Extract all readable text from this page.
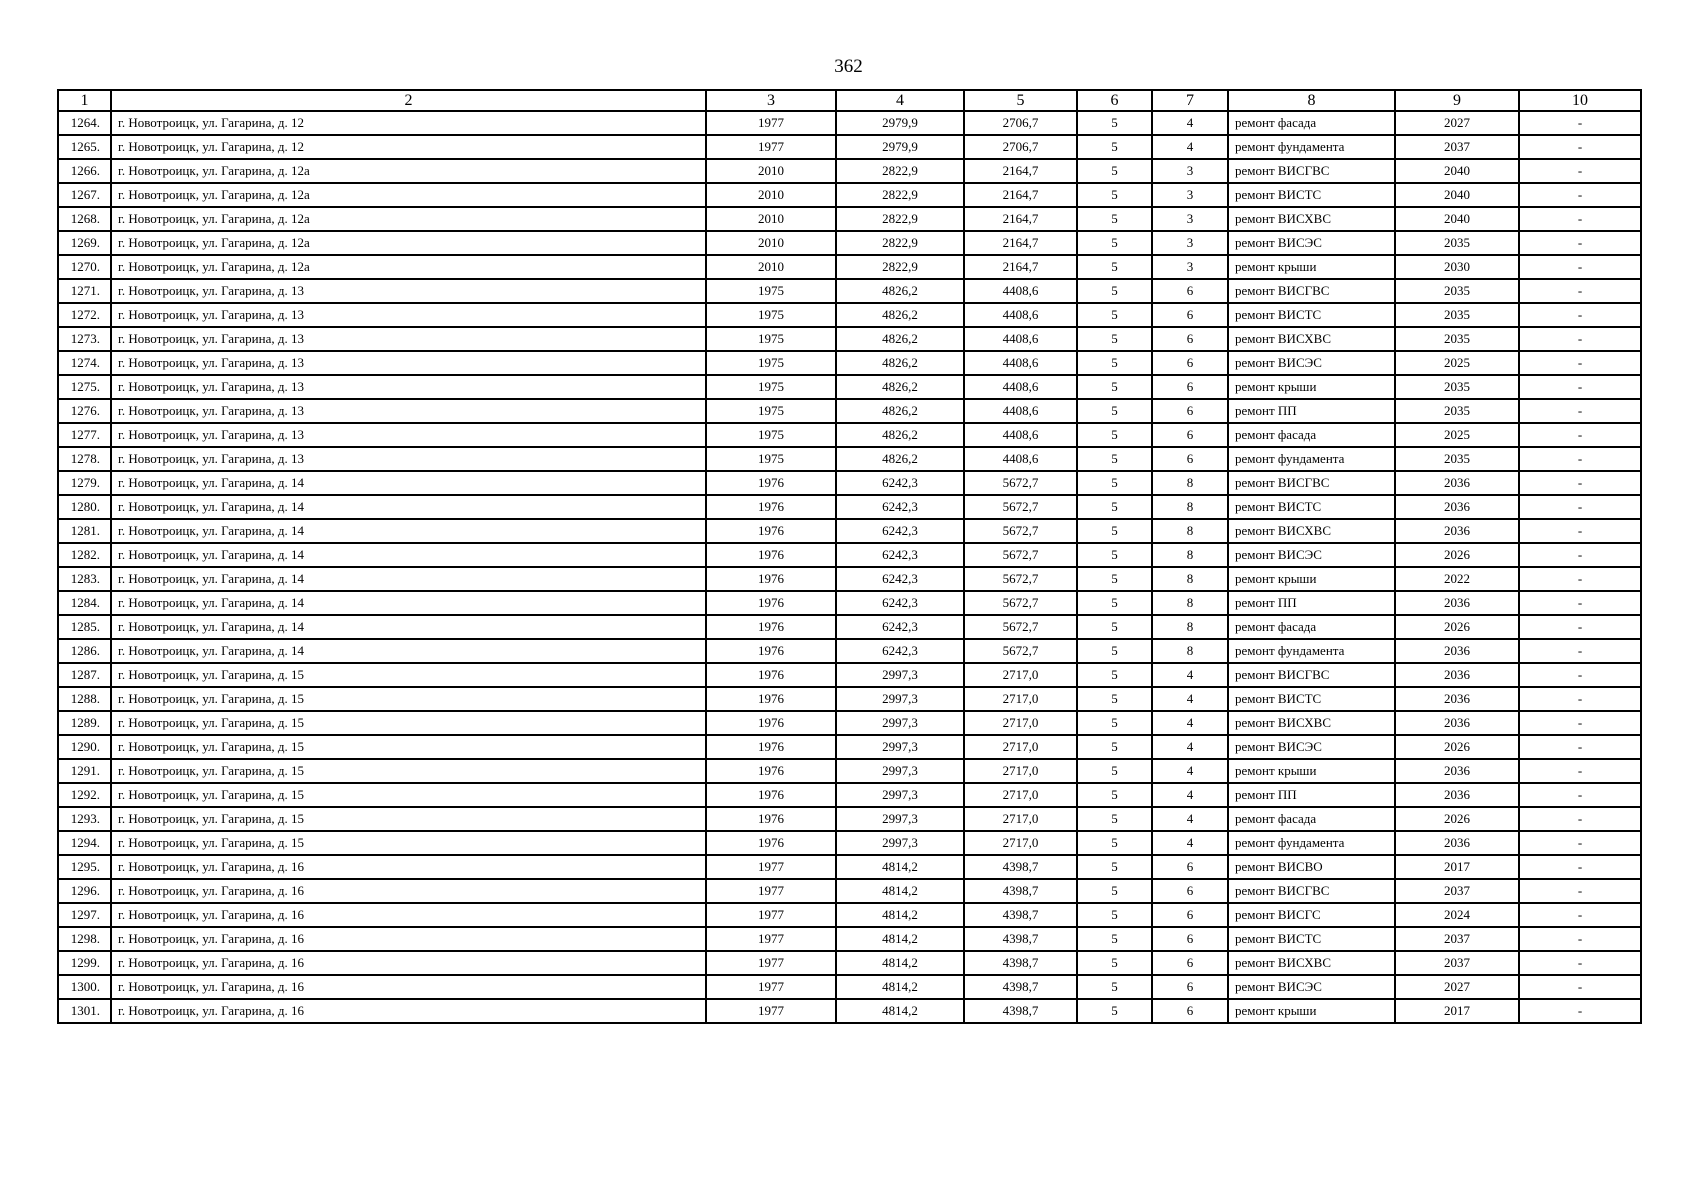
362
1	2	3	4	5	6	7	8	9	10
1264.	г. Новотроицк, ул. Гагарина, д. 12	1977	2979,9	2706,7	5	4	ремонт фасада	2027	-
1265.	г. Новотроицк, ул. Гагарина, д. 12	1977	2979,9	2706,7	5	4	ремонт фундамента	2037	-
1266.	г. Новотроицк, ул. Гагарина, д. 12а	2010	2822,9	2164,7	5	3	ремонт ВИСГВС	2040	-
1267.	г. Новотроицк, ул. Гагарина, д. 12а	2010	2822,9	2164,7	5	3	ремонт ВИСТС	2040	-
1268.	г. Новотроицк, ул. Гагарина, д. 12а	2010	2822,9	2164,7	5	3	ремонт ВИСХВС	2040	-
1269.	г. Новотроицк, ул. Гагарина, д. 12а	2010	2822,9	2164,7	5	3	ремонт ВИСЭС	2035	-
1270.	г. Новотроицк, ул. Гагарина, д. 12а	2010	2822,9	2164,7	5	3	ремонт крыши	2030	-
1271.	г. Новотроицк, ул. Гагарина, д. 13	1975	4826,2	4408,6	5	6	ремонт ВИСГВС	2035	-
1272.	г. Новотроицк, ул. Гагарина, д. 13	1975	4826,2	4408,6	5	6	ремонт ВИСТС	2035	-
1273.	г. Новотроицк, ул. Гагарина, д. 13	1975	4826,2	4408,6	5	6	ремонт ВИСХВС	2035	-
1274.	г. Новотроицк, ул. Гагарина, д. 13	1975	4826,2	4408,6	5	6	ремонт ВИСЭС	2025	-
1275.	г. Новотроицк, ул. Гагарина, д. 13	1975	4826,2	4408,6	5	6	ремонт крыши	2035	-
1276.	г. Новотроицк, ул. Гагарина, д. 13	1975	4826,2	4408,6	5	6	ремонт ПП	2035	-
1277.	г. Новотроицк, ул. Гагарина, д. 13	1975	4826,2	4408,6	5	6	ремонт фасада	2025	-
1278.	г. Новотроицк, ул. Гагарина, д. 13	1975	4826,2	4408,6	5	6	ремонт фундамента	2035	-
1279.	г. Новотроицк, ул. Гагарина, д. 14	1976	6242,3	5672,7	5	8	ремонт ВИСГВС	2036	-
1280.	г. Новотроицк, ул. Гагарина, д. 14	1976	6242,3	5672,7	5	8	ремонт ВИСТС	2036	-
1281.	г. Новотроицк, ул. Гагарина, д. 14	1976	6242,3	5672,7	5	8	ремонт ВИСХВС	2036	-
1282.	г. Новотроицк, ул. Гагарина, д. 14	1976	6242,3	5672,7	5	8	ремонт ВИСЭС	2026	-
1283.	г. Новотроицк, ул. Гагарина, д. 14	1976	6242,3	5672,7	5	8	ремонт крыши	2022	-
1284.	г. Новотроицк, ул. Гагарина, д. 14	1976	6242,3	5672,7	5	8	ремонт ПП	2036	-
1285.	г. Новотроицк, ул. Гагарина, д. 14	1976	6242,3	5672,7	5	8	ремонт фасада	2026	-
1286.	г. Новотроицк, ул. Гагарина, д. 14	1976	6242,3	5672,7	5	8	ремонт фундамента	2036	-
1287.	г. Новотроицк, ул. Гагарина, д. 15	1976	2997,3	2717,0	5	4	ремонт ВИСГВС	2036	-
1288.	г. Новотроицк, ул. Гагарина, д. 15	1976	2997,3	2717,0	5	4	ремонт ВИСТС	2036	-
1289.	г. Новотроицк, ул. Гагарина, д. 15	1976	2997,3	2717,0	5	4	ремонт ВИСХВС	2036	-
1290.	г. Новотроицк, ул. Гагарина, д. 15	1976	2997,3	2717,0	5	4	ремонт ВИСЭС	2026	-
1291.	г. Новотроицк, ул. Гагарина, д. 15	1976	2997,3	2717,0	5	4	ремонт крыши	2036	-
1292.	г. Новотроицк, ул. Гагарина, д. 15	1976	2997,3	2717,0	5	4	ремонт ПП	2036	-
1293.	г. Новотроицк, ул. Гагарина, д. 15	1976	2997,3	2717,0	5	4	ремонт фасада	2026	-
1294.	г. Новотроицк, ул. Гагарина, д. 15	1976	2997,3	2717,0	5	4	ремонт фундамента	2036	-
1295.	г. Новотроицк, ул. Гагарина, д. 16	1977	4814,2	4398,7	5	6	ремонт ВИСВО	2017	-
1296.	г. Новотроицк, ул. Гагарина, д. 16	1977	4814,2	4398,7	5	6	ремонт ВИСГВС	2037	-
1297.	г. Новотроицк, ул. Гагарина, д. 16	1977	4814,2	4398,7	5	6	ремонт ВИСГС	2024	-
1298.	г. Новотроицк, ул. Гагарина, д. 16	1977	4814,2	4398,7	5	6	ремонт ВИСТС	2037	-
1299.	г. Новотроицк, ул. Гагарина, д. 16	1977	4814,2	4398,7	5	6	ремонт ВИСХВС	2037	-
1300.	г. Новотроицк, ул. Гагарина, д. 16	1977	4814,2	4398,7	5	6	ремонт ВИСЭС	2027	-
1301.	г. Новотроицк, ул. Гагарина, д. 16	1977	4814,2	4398,7	5	6	ремонт крыши	2017	-
